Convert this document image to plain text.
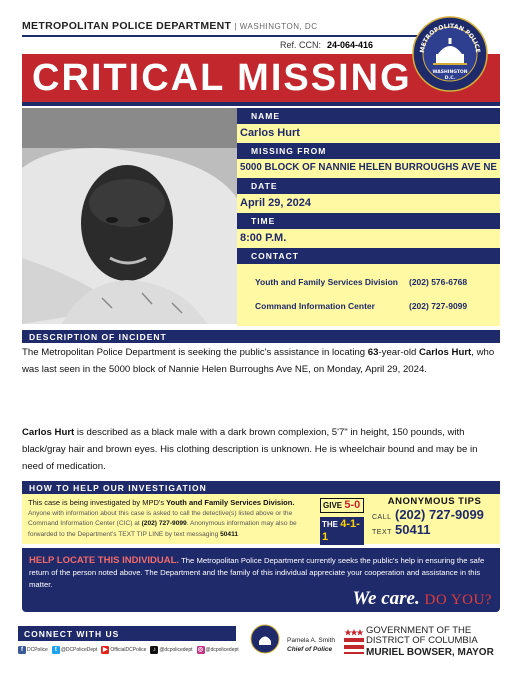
METROPOLITAN POLICE DEPARTMENT | WASHINGTON, DC
Ref. CCN: 24-064-416
CRITICAL MISSING
METROPOLITAN POLICE
WASHINGTON
D.C.
NAME
Carlos Hurt
MISSING FROM
5000 BLOCK OF NANNIE HELEN BURROUGHS AVE NE
DATE
April 29, 2024
TIME
8:00 P.M.
CONTACT
Youth and Family Services Division	(202) 576-6768
Command Information Center	(202) 727-9099
DESCRIPTION OF INCIDENT
The Metropolitan Police Department is seeking the public's assistance in locating 63-year-old Carlos Hurt, who was last seen in the 5000 block of Nannie Helen Burroughs Ave NE, on Monday, April 29, 2024.
Carlos Hurt is described as a black male with a dark brown complexion, 5'7" in height, 150 pounds, with black/gray hair and brown eyes. His clothing description is unknown. He is wheelchair bound and may be in need of medication.
HOW TO HELP OUR INVESTIGATION
This case is being investigated by MPD's Youth and Family Services Division.
Anyone with information about this case is asked to call the detective(s) listed above or the Command Information Center (CIC) at (202) 727-9099. Anonymous information may also be forwarded to the Department's TEXT TIP LINE by text messaging 50411
GIVE 5-0
THE 4-1-1
ANONYMOUS TIPS
CALL (202) 727-9099
TEXT 50411
HELP LOCATE THIS INDIVIDUAL. The Metropolitan Police Department currently seeks the public's help in ensuring the safe return of the person noted above. The Department and the family of this individual appreciate your cooperation and assistance in this matter.
We care. DO YOU?
CONNECT WITH US
f DCPolice	t @DCPoliceDept ▶ OfficialDCPolice	♪ @dcpolicedept ◎ @dcpolicedept
Pamela A. Smith
Chief of Police
GOVERNMENT OF THE
DISTRICT OF COLUMBIA
MURIEL BOWSER, MAYOR
